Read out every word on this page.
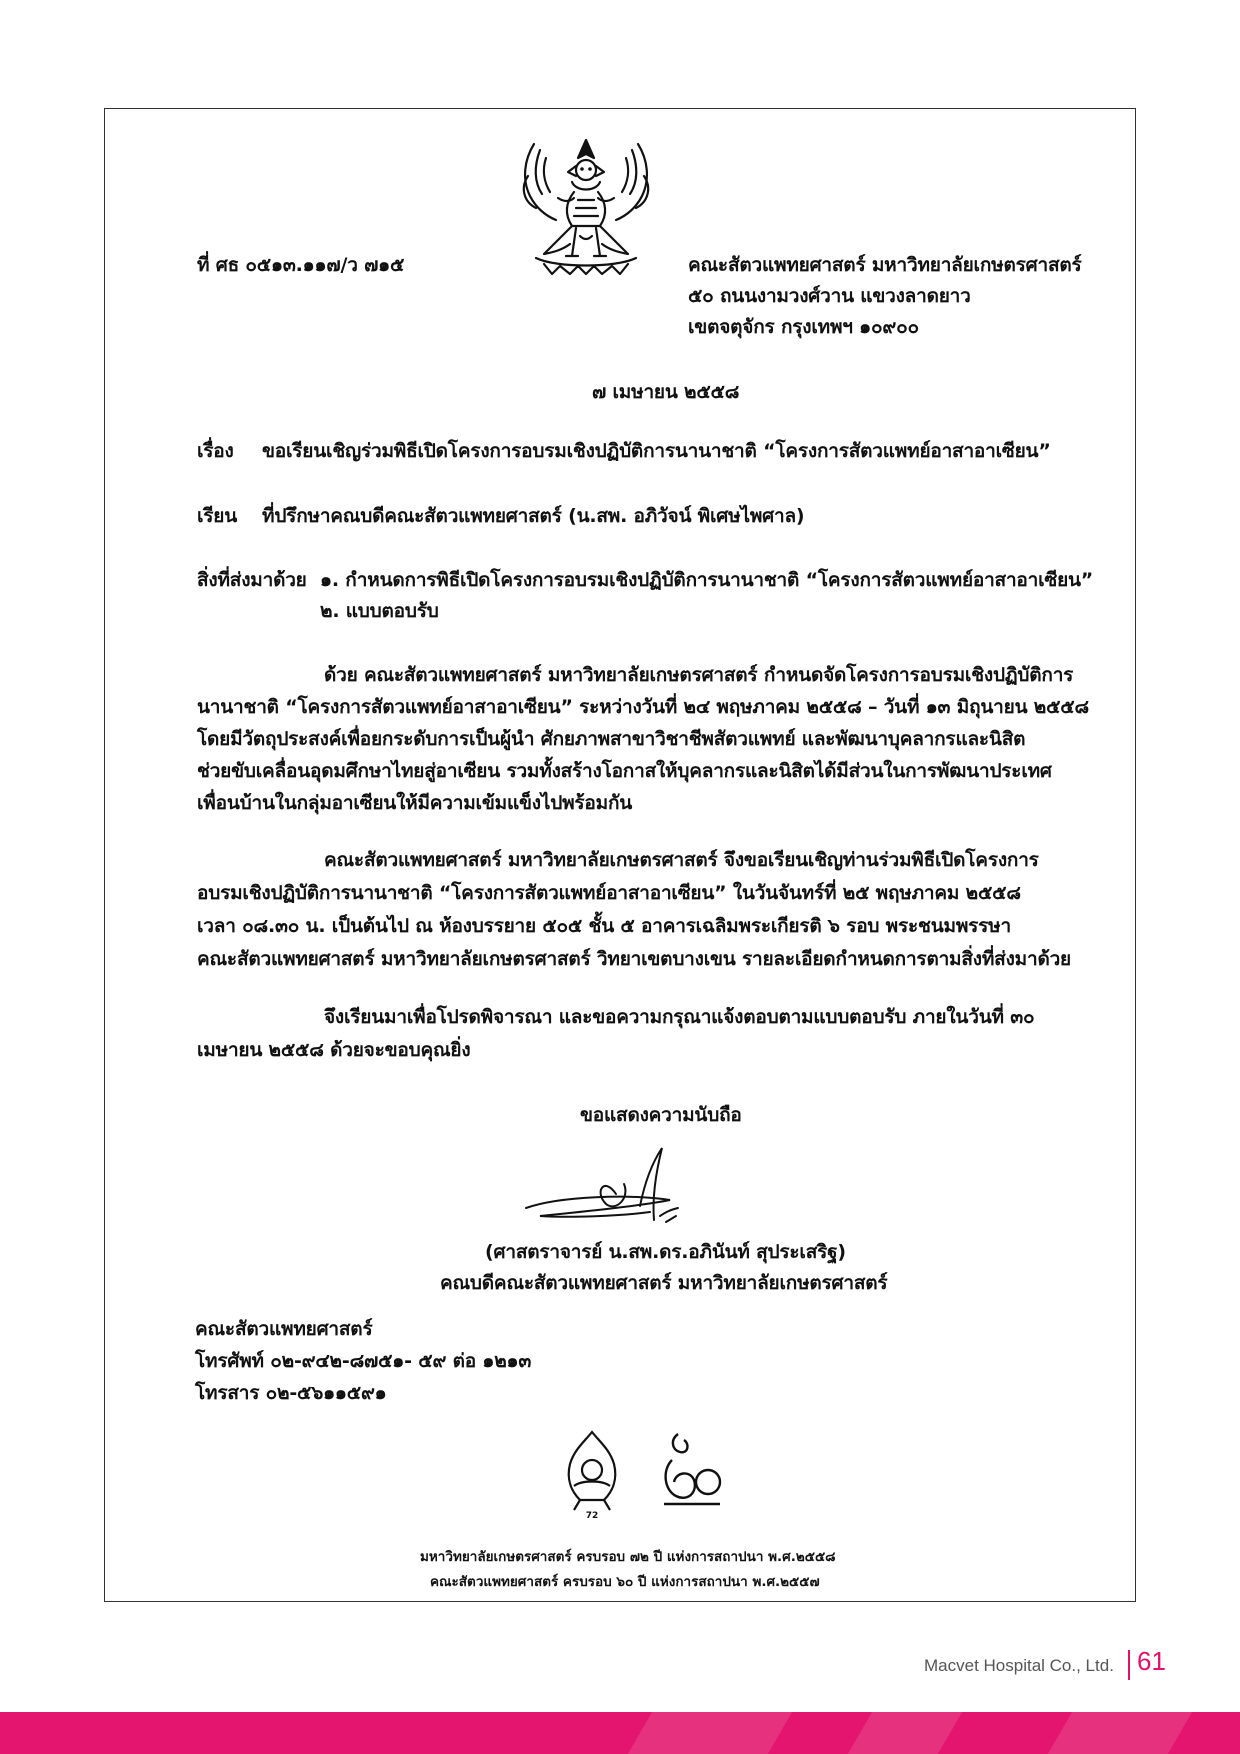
ที่ ศธ ๐๕๑๓.๑๑๗/ว ๗๑๕	คณะสัตวแพทยศาสตร์ มหาวิทยาลัยเกษตรศาสตร์
๕๐ ถนนงามวงศ์วาน แขวงลาดยาว
เขตจตุจักร กรุงเทพฯ ๑๐๙๐๐
๗ เมษายน ๒๕๕๘
เรื่อง ขอเรียนเชิญร่วมพิธีเปิดโครงการอบรมเชิงปฏิบัติการนานาชาติ “โครงการสัตวแพทย์อาสาอาเซียน”
เรียน ที่ปรึกษาคณบดีคณะสัตวแพทยศาสตร์ (น.สพ. อภิวัจน์ พิเศษไพศาล)
สิ่งที่ส่งมาด้วย ๑. กำหนดการพิธีเปิดโครงการอบรมเชิงปฏิบัติการนานาชาติ “โครงการสัตวแพทย์อาสาอาเซียน”
๒. แบบตอบรับ
ด้วย คณะสัตวแพทยศาสตร์ มหาวิทยาลัยเกษตรศาสตร์ กำหนดจัดโครงการอบรมเชิงปฏิบัติการ
นานาชาติ “โครงการสัตวแพทย์อาสาอาเซียน” ระหว่างวันที่ ๒๔ พฤษภาคม ๒๕๕๘ – วันที่ ๑๓ มิถุนายน ๒๕๕๘
โดยมีวัตถุประสงค์เพื่อยกระดับการเป็นผู้นำ ศักยภาพสาขาวิชาชีพสัตวแพทย์ และพัฒนาบุคลากรและนิสิต
ช่วยขับเคลื่อนอุดมศึกษาไทยสู่อาเซียน รวมทั้งสร้างโอกาสให้บุคลากรและนิสิตได้มีส่วนในการพัฒนาประเทศ
เพื่อนบ้านในกลุ่มอาเซียนให้มีความเข้มแข็งไปพร้อมกัน
คณะสัตวแพทยศาสตร์ มหาวิทยาลัยเกษตรศาสตร์ จึงขอเรียนเชิญท่านร่วมพิธีเปิดโครงการ
อบรมเชิงปฏิบัติการนานาชาติ “โครงการสัตวแพทย์อาสาอาเซียน” ในวันจันทร์ที่ ๒๕ พฤษภาคม ๒๕๕๘
เวลา ๐๘.๓๐ น. เป็นต้นไป ณ ห้องบรรยาย ๕๐๕ ชั้น ๕ อาคารเฉลิมพระเกียรติ ๖ รอบ พระชนมพรรษา
คณะสัตวแพทยศาสตร์ มหาวิทยาลัยเกษตรศาสตร์ วิทยาเขตบางเขน รายละเอียดกำหนดการตามสิ่งที่ส่งมาด้วย
จึงเรียนมาเพื่อโปรดพิจารณา และขอความกรุณาแจ้งตอบตามแบบตอบรับ ภายในวันที่ ๓๐
เมษายน ๒๕๕๘ ด้วยจะขอบคุณยิ่ง
ขอแสดงความนับถือ
(ศาสตราจารย์ น.สพ.ดร.อภินันท์ สุประเสริฐ)
คณบดีคณะสัตวแพทยศาสตร์ มหาวิทยาลัยเกษตรศาสตร์
คณะสัตวแพทยศาสตร์
โทรศัพท์ ๐๒-๙๔๒-๘๗๕๑- ๕๙ ต่อ ๑๒๑๓
โทรสาร ๐๒-๕๖๑๑๕๙๑
72
มหาวิทยาลัยเกษตรศาสตร์ ครบรอบ ๗๒ ปี แห่งการสถาปนา พ.ศ.๒๕๕๘
คณะสัตวแพทยศาสตร์ ครบรอบ ๖๐ ปี แห่งการสถาปนา พ.ศ.๒๕๕๗
Macvet Hospital Co., Ltd. 61
